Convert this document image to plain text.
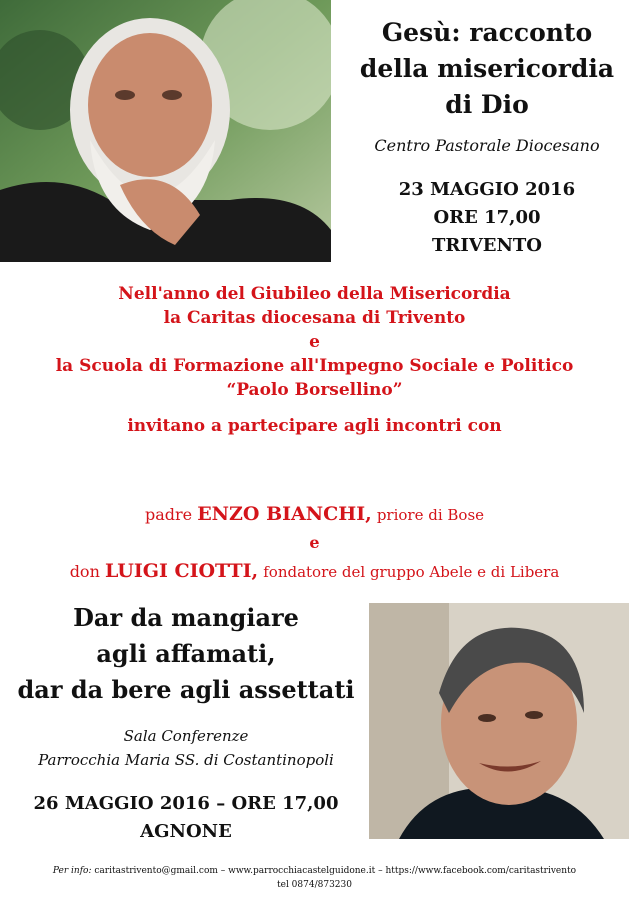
Gesù: racconto
della misericordia
di Dio
Centro Pastorale Diocesano
23 MAGGIO 2016
ORE 17,00
TRIVENTO
Nell'anno del Giubileo della Misericordia
la Caritas diocesana di Trivento
e
la Scuola di Formazione all'Impegno Sociale e Politico
“Paolo Borsellino”
invitano a partecipare agli incontri con
padre ENZO BIANCHI, priore di Bose
e
don LUIGI CIOTTI, fondatore del gruppo Abele e di Libera
Dar da mangiare
agli affamati,
dar da bere agli assettati
Sala Conferenze
Parrocchia Maria SS. di Costantinopoli
26 MAGGIO 2016 – ORE 17,00
AGNONE
Per info: caritastrivento@gmail.com – www.parrocchiacastelguidone.it – https://www.facebook.com/caritastrivento
tel 0874/873230
